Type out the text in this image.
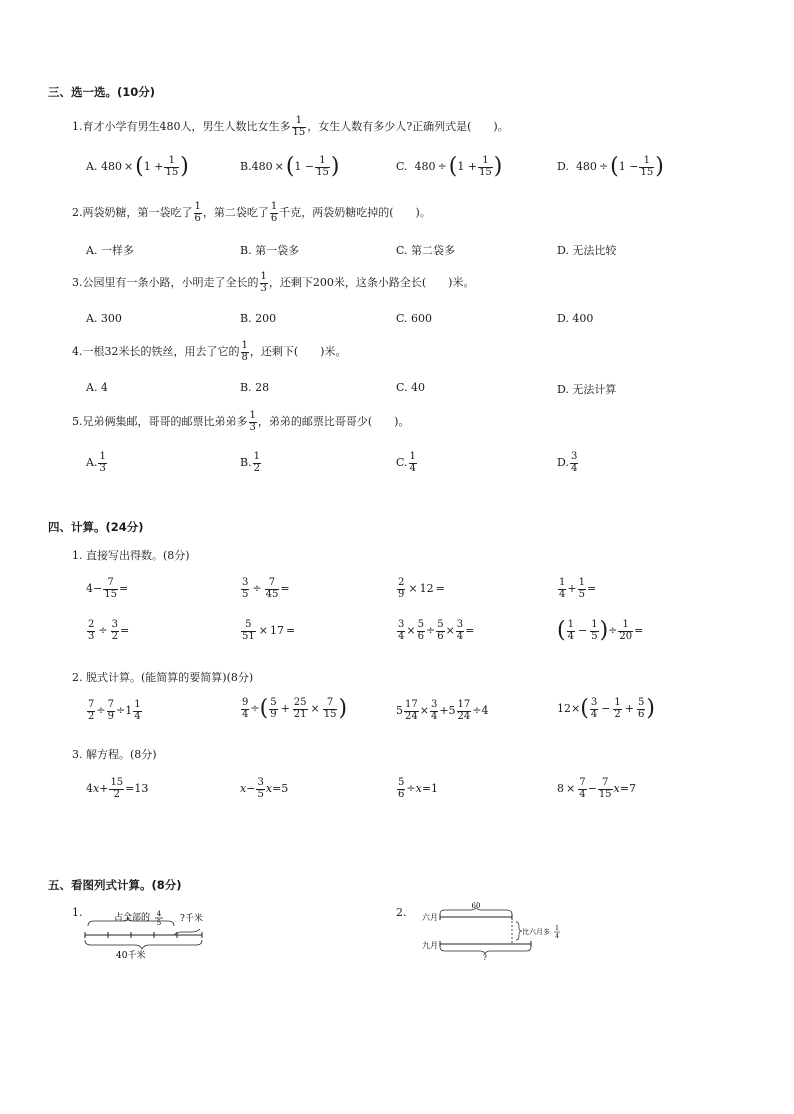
三、选一选。(10分)
1.育才小学有男生480人，男生人数比女生多 $\frac{1}{15}$ ，女生人数有多少人?正确列式是(　　)。
A. $480 \times(1 + \frac{1}{15}$ )	$B.480 \times(1 - \frac{1}{15}$ )	C. $480 \div(1 + \frac{1}{15}$ )	D. $480 \div(1 - \frac{1}{15}$ )
2.两袋奶糖，第一袋吃了 $\frac{1}{6}$ ，第二袋吃了 $\frac{1}{6}$ 千克，两袋奶糖吃掉的(　　)。
A. 一样多	B. 第一袋多	C. 第二袋多	D. 无法比较
3.公园里有一条小路，小明走了全长的 $\frac{1}{3}$ ，还剩下200米，这条小路全长(　　)米。
A. 300	B. 200	C. 600	D. 400
4.一根32米长的铁丝，用去了它的 $\frac{1}{8}$ ，还剩下(　　)米。
A. 4	B. 28	C. 40	D. 无法计算
5.兄弟俩集邮，哥哥的邮票比弟弟多 $\frac{1}{3}$ ，弟弟的邮票比哥哥少(　　)。
A. $\frac{1}{3}$	B. $\frac{1}{2}$	C. $\frac{1}{4}$	D. $\frac{3}{4}$
四、计算。(24分)
1. 直接写出得数。(8分)
$4- \frac{7}{15}$ =	$\frac{3}{5} \div \frac{7}{45}$ =	$\frac{2}{9} \times 12$ =	$\frac{1}{4} + \frac{1}{5}$ =
$\frac{2}{3} \div \frac{3}{2}$ =	$\frac{5}{51} \times 17$ =	$\frac{3}{4} \times \frac{5}{6} \div \frac{5}{6} \times \frac{3}{4}$ =	( $\frac{1}{4} - \frac{1}{5}$ )÷ $\frac{1}{20}$ =
2. 脱式计算。(能简算的要简算)(8分)
$\frac{7}{2} \div \frac{7}{9} \div 1 \frac{1}{4}$	$\frac{9}{4}$ ÷( $\frac{5}{9} + \frac{25}{21} \times \frac{7}{15}$ )	$5 \frac{17}{24} \times \frac{3}{4} +5 \frac{17}{24} \div 4$	$12\times( \frac{3}{4} - \frac{1}{2} + \frac{5}{6}$ )
3. 解方程。(8分)
$4x+ \frac{15}{2} =13$	$x- \frac{3}{5} x=5$	$\frac{5}{6} \div x=1$	$8 \times \frac{7}{4} - \frac{7}{15} x=7$
五、看图列式计算。(8分)
1.	占全部的 4
5 ?千米
40千米
2. 六月
九月
60
比六月多 1
4
?
